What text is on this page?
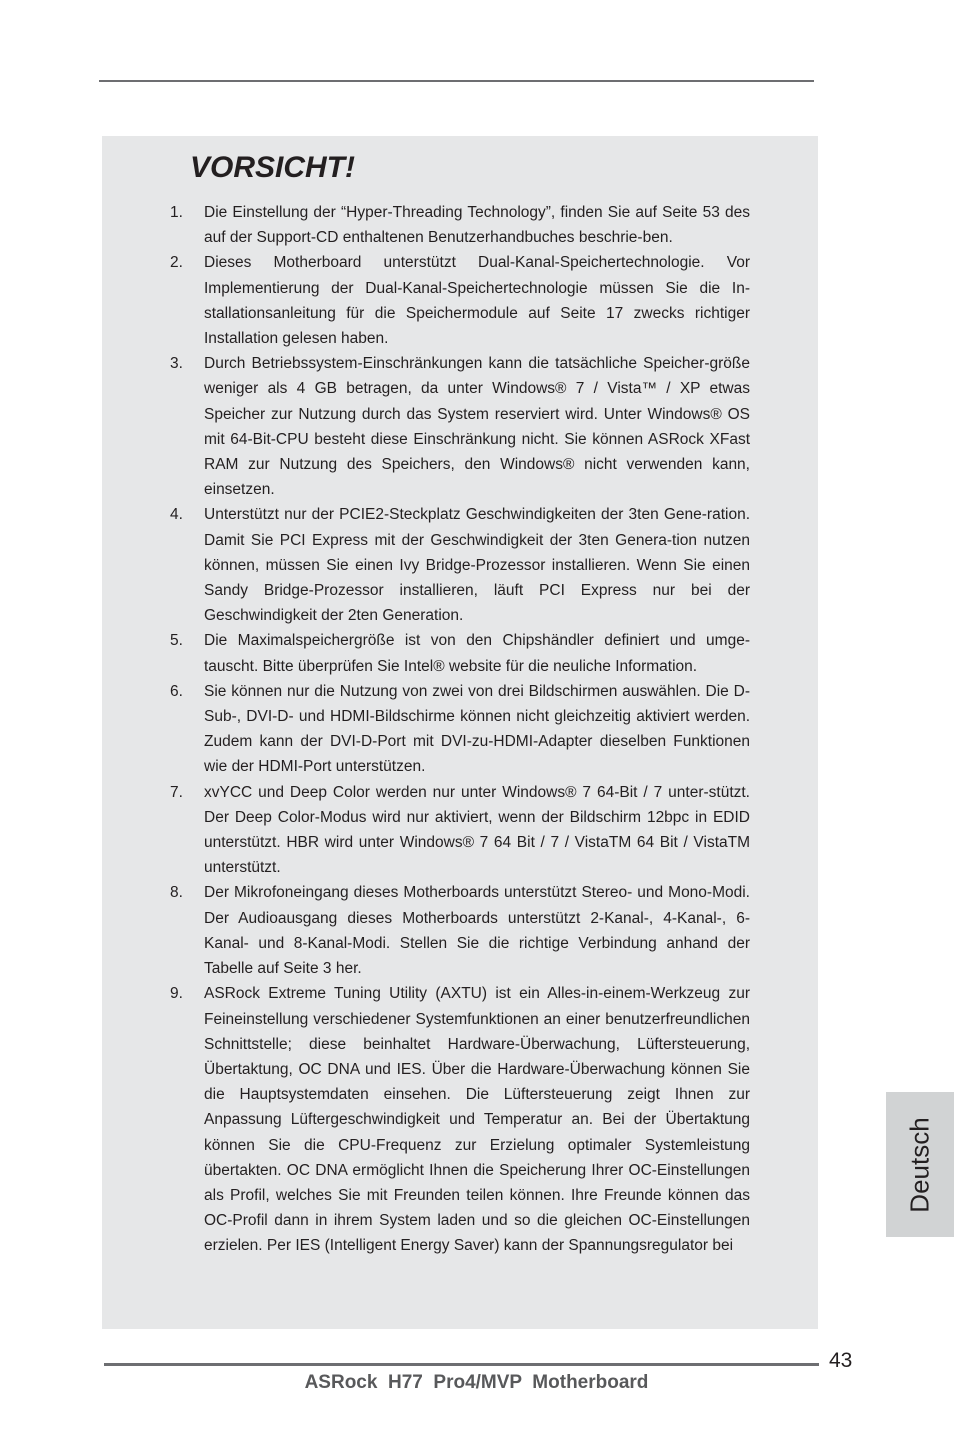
VORSICHT!
1. Die Einstellung der “Hyper-Threading Technology”, finden Sie auf Seite 53 des auf der Support-CD enthaltenen Benutzerhandbuches beschrie-ben.
2. Dieses Motherboard unterstützt Dual-Kanal-Speichertechnologie. Vor Implementierung der Dual-Kanal-Speichertechnologie müssen Sie die In-stallationsanleitung für die Speichermodule auf Seite 17 zwecks richtiger Installation gelesen haben.
3. Durch Betriebssystem-Einschränkungen kann die tatsächliche Speicher-größe weniger als 4 GB betragen, da unter Windows® 7 / Vista™ / XP etwas Speicher zur Nutzung durch das System reserviert wird. Unter Windows® OS mit 64-Bit-CPU besteht diese Einschränkung nicht. Sie können ASRock XFast RAM zur Nutzung des Speichers, den Windows® nicht verwenden kann, einsetzen.
4. Unterstützt nur der PCIE2-Steckplatz Geschwindigkeiten der 3ten Gene-ration. Damit Sie PCI Express mit der Geschwindigkeit der 3ten Genera-tion nutzen können, müssen Sie einen Ivy Bridge-Prozessor installieren. Wenn Sie einen Sandy Bridge-Prozessor installieren, läuft PCI Express nur bei der Geschwindigkeit der 2ten Generation.
5. Die Maximalspeichergröße ist von den Chipshändler definiert und umge-tauscht. Bitte überprüfen Sie Intel® website für die neuliche Information.
6. Sie können nur die Nutzung von zwei von drei Bildschirmen auswählen. Die D-Sub-, DVI-D- und HDMI-Bildschirme können nicht gleichzeitig aktiviert werden. Zudem kann der DVI-D-Port mit DVI-zu-HDMI-Adapter dieselben Funktionen wie der HDMI-Port unterstützen.
7. xvYCC und Deep Color werden nur unter Windows® 7 64-Bit / 7 unter-stützt. Der Deep Color-Modus wird nur aktiviert, wenn der Bildschirm 12bpc in EDID unterstützt. HBR wird unter Windows® 7 64 Bit / 7 / VistaTM 64 Bit / VistaTM unterstützt.
8. Der Mikrofoneingang dieses Motherboards unterstützt Stereo- und Mono-Modi. Der Audioausgang dieses Motherboards unterstützt 2-Kanal-, 4-Kanal-, 6-Kanal- und 8-Kanal-Modi. Stellen Sie die richtige Verbindung anhand der Tabelle auf Seite 3 her.
9. ASRock Extreme Tuning Utility (AXTU) ist ein Alles-in-einem-Werkzeug zur Feineinstellung verschiedener Systemfunktionen an einer benutzerfreundlichen Schnittstelle; diese beinhaltet Hardware-Überwachung, Lüftersteuerung, Übertaktung, OC DNA und IES. Über die Hardware-Überwachung können Sie die Hauptsystemdaten einsehen. Die Lüftersteuerung zeigt Ihnen zur Anpassung Lüftergeschwindigkeit und Temperatur an. Bei der Übertaktung können Sie die CPU-Frequenz zur Erzielung optimaler Systemleistung übertakten. OC DNA ermöglicht Ihnen die Speicherung Ihrer OC-Einstellungen als Profil, welches Sie mit Freunden teilen können. Ihre Freunde können das OC-Profil dann in ihrem System laden und so die gleichen OC-Einstellungen erzielen. Per IES (Intelligent Energy Saver) kann der Spannungsregulator bei
Deutsch
43
ASRock  H77  Pro4/MVP  Motherboard
